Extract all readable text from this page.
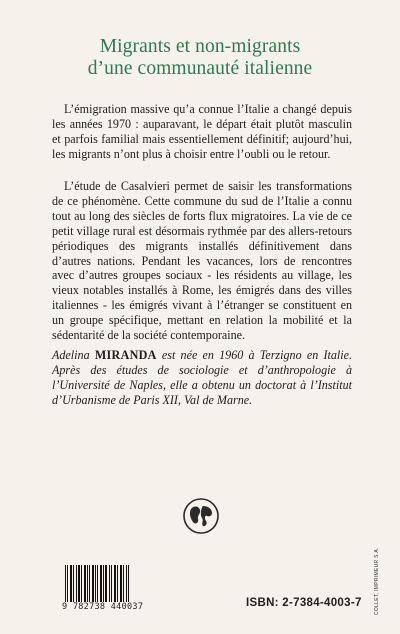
Migrants et non-migrants
d’une communauté italienne

L’émigration massive qu’a connue l’Italie a changé depuis les années 1970 : auparavant, le départ était plutôt masculin et parfois familial mais essentiellement définitif; aujourd’hui, les migrants n’ont plus à choisir entre l’oubli ou le retour.

L’étude de Casalvieri permet de saisir les transformations de ce phénomène. Cette commune du sud de l’Italie a connu tout au long des siècles de forts flux migratoires. La vie de ce petit village rural est désormais rythmée par des allers-retours périodiques des migrants installés définitivement dans d’autres nations. Pendant les vacances, lors de rencontres avec d’autres groupes sociaux - les résidents au village, les vieux notables installés à Rome, les émigrés dans des villes italiennes - les émigrés vivant à l’étranger se constituent en un groupe spécifique, mettant en relation la mobilité et la sédentarité de la société contemporaine.

Adelina MIRANDA est née en 1960 à Terzigno en Italie. Après des études de sociologie et d’anthropologie à l’Université de Naples, elle a obtenu un doctorat à l’Institut d’Urbanisme de Paris XII, Val de Marne.
9 782738 440037	ISBN: 2-7384-4003-7 COLLET, IMPRIMEUR S.A.
